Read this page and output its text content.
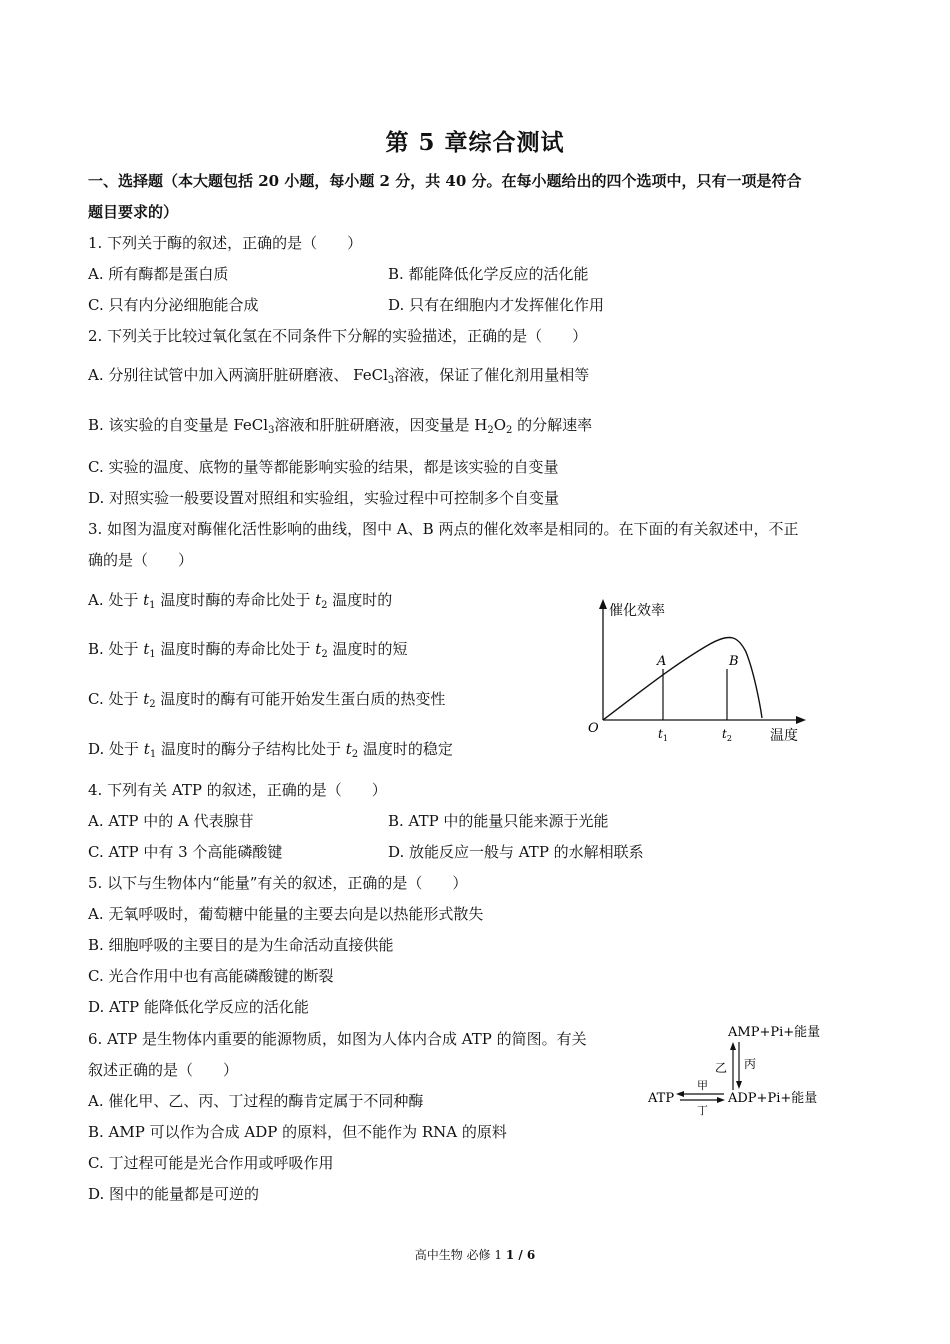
第 5 章综合测试
一、选择题（本大题包括 20 小题，每小题 2 分，共 40 分。在每小题给出的四个选项中，只有一项是符合
题目要求的）
1. 下列关于酶的叙述，正确的是（　　）
A. 所有酶都是蛋白质	B. 都能降低化学反应的活化能
C. 只有内分泌细胞能合成	D. 只有在细胞内才发挥催化作用
2. 下列关于比较过氧化氢在不同条件下分解的实验描述，正确的是（　　）
A. 分别往试管中加入两滴肝脏研磨液、 FeCl$_3$溶液，保证了催化剂用量相等
B. 该实验的自变量是 FeCl$_3$溶液和肝脏研磨液，因变量是 $H_2O_2$ 的分解速率
C. 实验的温度、底物的量等都能影响实验的结果，都是该实验的自变量
D. 对照实验一般要设置对照组和实验组，实验过程中可控制多个自变量
3. 如图为温度对酶催化活性影响的曲线，图中 A、B 两点的催化效率是相同的。在下面的有关叙述中，不正
确的是（　　）
A. 处于 $t_1$ 温度时酶的寿命比处于 $t_2$ 温度时的
B. 处于 $t_1$ 温度时酶的寿命比处于 $t_2$ 温度时的短
C. 处于 $t_2$ 温度时的酶有可能开始发生蛋白质的热变性
D. 处于 $t_1$ 温度时的酶分子结构比处于 $t_2$ 温度时的稳定
催化效率
温度
O
A	B
$t_1$	$t_2$
4. 下列有关 ATP 的叙述，正确的是（　　）
A. ATP 中的 A 代表腺苷	B. ATP 中的能量只能来源于光能
C. ATP 中有 3 个高能磷酸键	D. 放能反应一般与 ATP 的水解相联系
5. 以下与生物体内“能量”有关的叙述，正确的是（　　）
A. 无氧呼吸时，葡萄糖中能量的主要去向是以热能形式散失
B. 细胞呼吸的主要目的是为生命活动直接供能
C. 光合作用中也有高能磷酸键的断裂
D. ATP 能降低化学反应的活化能
6. ATP 是生物体内重要的能源物质，如图为人体内合成 ATP 的简图。有关
叙述正确的是（　　）
A. 催化甲、乙、丙、丁过程的酶肯定属于不同种酶
B. AMP 可以作为合成 ADP 的原料，但不能作为 RNA 的原料
C. 丁过程可能是光合作用或呼吸作用
D. 图中的能量都是可逆的
AMP+Pi+能量
ADP+Pi+能量
ATP
乙 丙
甲
丁
高中生物 必修 1 1 / 6
